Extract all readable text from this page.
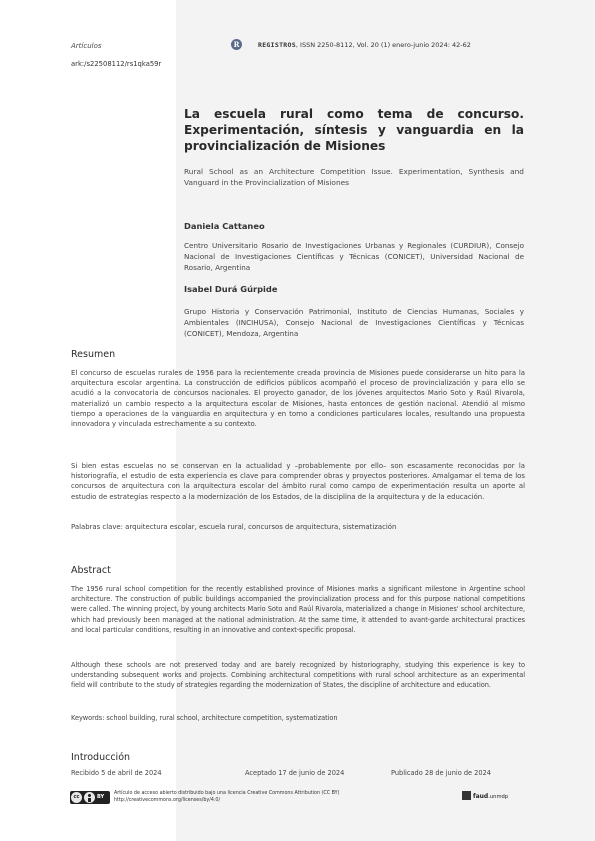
Artículos	R	REGISTROS, ISSN 2250-8112, Vol. 20 (1) enero-junio 2024: 42-62
ark:/s22508112/rs1qka59r
La escuela rural como tema de concurso. Experimentación, síntesis y vanguardia en la provincialización de Misiones
Rural School as an Architecture Competition Issue. Experimentation, Synthesis and Vanguard in the Provincialization of Misiones
Daniela Cattaneo
Centro Universitario Rosario de Investigaciones Urbanas y Regionales (CURDIUR), Consejo Nacional de Investigaciones Científicas y Técnicas (CONICET), Universidad Nacional de Rosario, Argentina
Isabel Durá Gúrpide
Grupo Historia y Conservación Patrimonial, Instituto de Ciencias Humanas, Sociales y Ambientales (INCIHUSA), Consejo Nacional de Investigaciones Científicas y Técnicas (CONICET), Mendoza, Argentina
Resumen

El concurso de escuelas rurales de 1956 para la recientemente creada provincia de Misiones puede considerarse un hito para la arquitectura escolar argentina. La construcción de edificios públicos acompañó el proceso de provincialización y para ello se acudió a la convocatoria de concursos nacionales. El proyecto ganador, de los jóvenes arquitectos Mario Soto y Raúl Rivarola, materializó un cambio respecto a la arquitectura escolar de Misiones, hasta entonces de gestión nacional. Atendió al mismo tiempo a operaciones de la vanguardia en arquitectura y en torno a condiciones particulares locales, resultando una propuesta innovadora y vinculada estrechamente a su contexto.

Si bien estas escuelas no se conservan en la actualidad y –probablemente por ello– son escasamente reconocidas por la historiografía, el estudio de esta experiencia es clave para comprender obras y proyectos posteriores. Amalgamar el tema de los concursos de arquitectura con la arquitectura escolar del ámbito rural como campo de experimentación resulta un aporte al estudio de estrategias respecto a la modernización de los Estados, de la disciplina de la arquitectura y de la educación.

Palabras clave: arquitectura escolar, escuela rural, concursos de arquitectura, sistematización

Abstract

The 1956 rural school competition for the recently established province of Misiones marks a significant milestone in Argentine school architecture. The construction of public buildings accompanied the provincialization process and for this purpose national competitions were called. The winning project, by young architects Mario Soto and Raúl Rivarola, materialized a change in Misiones' school architecture, which had previously been managed at the national administration. At the same time, it attended to avant-garde architectural practices and local particular conditions, resulting in an innovative and context-specific proposal.

Although these schools are not preserved today and are barely recognized by historiography, studying this experience is key to understanding subsequent works and projects. Combining architectural competitions with rural school architecture as an experimental field will contribute to the study of strategies regarding the modernization of States, the discipline of architecture and education.

Keywords: school building, rural school, architecture competition, systematization

Introducción
Recibido 5 de abril de 2024	Aceptado 17 de junio de 2024	Publicado 28 de junio de 2024
cc	BY
Artículo de acceso abierto distribuido bajo una licencia Creative Commons Attribution (CC BY)
http://creativecommons.org/licenses/by/4.0/
faud.unmdp
